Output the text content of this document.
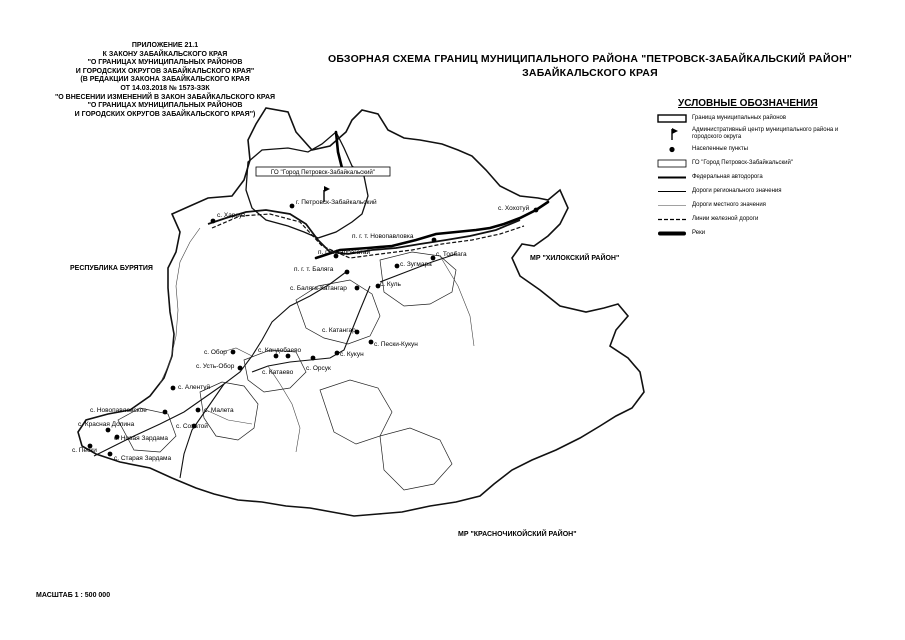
ПРИЛОЖЕНИЕ 21.1
К ЗАКОНУ ЗАБАЙКАЛЬСКОГО КРАЯ
"О ГРАНИЦАХ МУНИЦИПАЛЬНЫХ РАЙОНОВ
И ГОРОДСКИХ ОКРУГОВ ЗАБАЙКАЛЬСКОГО КРАЯ"
(В РЕДАКЦИИ ЗАКОНА ЗАБАЙКАЛЬСКОГО КРАЯ
ОТ 14.03.2018 № 1573-ЗЗК
"О ВНЕСЕНИИ ИЗМЕНЕНИЙ В ЗАКОН ЗАБАЙКАЛЬСКОГО КРАЯ
"О ГРАНИЦАХ МУНИЦИПАЛЬНЫХ РАЙОНОВ
И ГОРОДСКИХ ОКРУГОВ ЗАБАЙКАЛЬСКОГО КРАЯ")
ОБЗОРНАЯ СХЕМА ГРАНИЦ МУНИЦИПАЛЬНОГО РАЙОНА "ПЕТРОВСК-ЗАБАЙКАЛЬСКИЙ РАЙОН"
ЗАБАЙКАЛЬСКОГО КРАЯ
ГО "Город Петровск-Забайкальский"
г. Петровск-Забайкальский
с. Харауз
п. г. т. Новопавловка
п. г. т. Тарбагатай
с. Хохотуй
с. Толбага
с. Зугмара
п. г. т. Балягa
с. Баляга-Катангар
с. Куль
с. Катангар
с. Пески-Кукун
с. Кукун
с. Орсук
с. Обор	с. Кандобаево
с. Усть-Обор
с. Катаево
с. Алентуй
с. Малета
с. Новопавловское
с. Красная Долина	с. Сохатой
с. Новая Зардама
с. Пески
с. Старая Зардама
РЕСПУБЛИКА БУРЯТИЯ
МР "ХИЛОКСКИЙ РАЙОН"
МР "КРАСНОЧИКОЙСКИЙ РАЙОН"
УСЛОВНЫЕ ОБОЗНАЧЕНИЯ
Граница муниципальных районов
Административный центр муниципального района и городского округа
Населенные пункты
ГО "Город Петровск-Забайкальский"
Федеральная автодорога
Дороги регионального значения
Дороги местного значения
Линии железной дороги
Реки
МАСШТАБ 1 : 500 000
